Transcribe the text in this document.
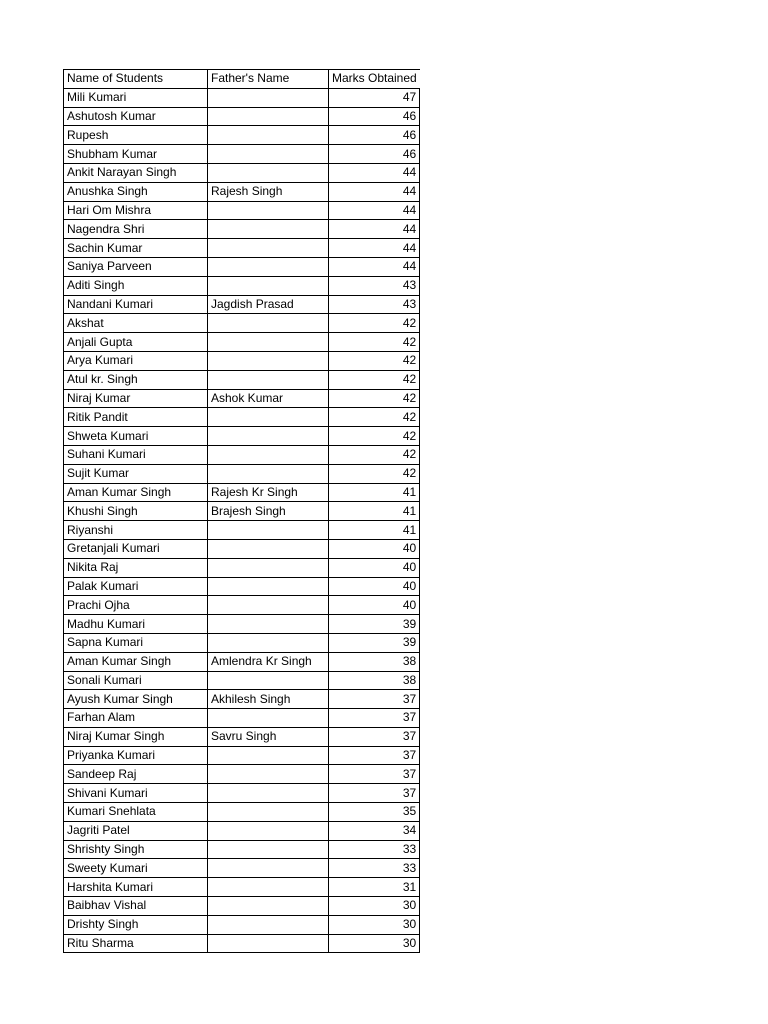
Name of Students	Father's Name	Marks Obtained
Mili Kumari		47
Ashutosh Kumar		46
Rupesh		46
Shubham Kumar		46
Ankit Narayan Singh		44
Anushka Singh	Rajesh Singh	44
Hari Om Mishra		44
Nagendra Shri		44
Sachin Kumar		44
Saniya Parveen		44
Aditi Singh		43
Nandani Kumari	Jagdish Prasad	43
Akshat		42
Anjali Gupta		42
Arya Kumari		42
Atul kr. Singh		42
Niraj Kumar	Ashok Kumar	42
Ritik Pandit		42
Shweta Kumari		42
Suhani Kumari		42
Sujit Kumar		42
Aman Kumar Singh	Rajesh Kr Singh	41
Khushi Singh	Brajesh Singh	41
Riyanshi		41
Gretanjali Kumari		40
Nikita Raj		40
Palak Kumari		40
Prachi Ojha		40
Madhu Kumari		39
Sapna Kumari		39
Aman Kumar Singh	Amlendra Kr Singh	38
Sonali Kumari		38
Ayush Kumar Singh	Akhilesh Singh	37
Farhan Alam		37
Niraj Kumar Singh	Savru Singh	37
Priyanka Kumari		37
Sandeep Raj		37
Shivani Kumari		37
Kumari Snehlata		35
Jagriti Patel		34
Shrishty Singh		33
Sweety Kumari		33
Harshita Kumari		31
Baibhav Vishal		30
Drishty Singh		30
Ritu Sharma		30
